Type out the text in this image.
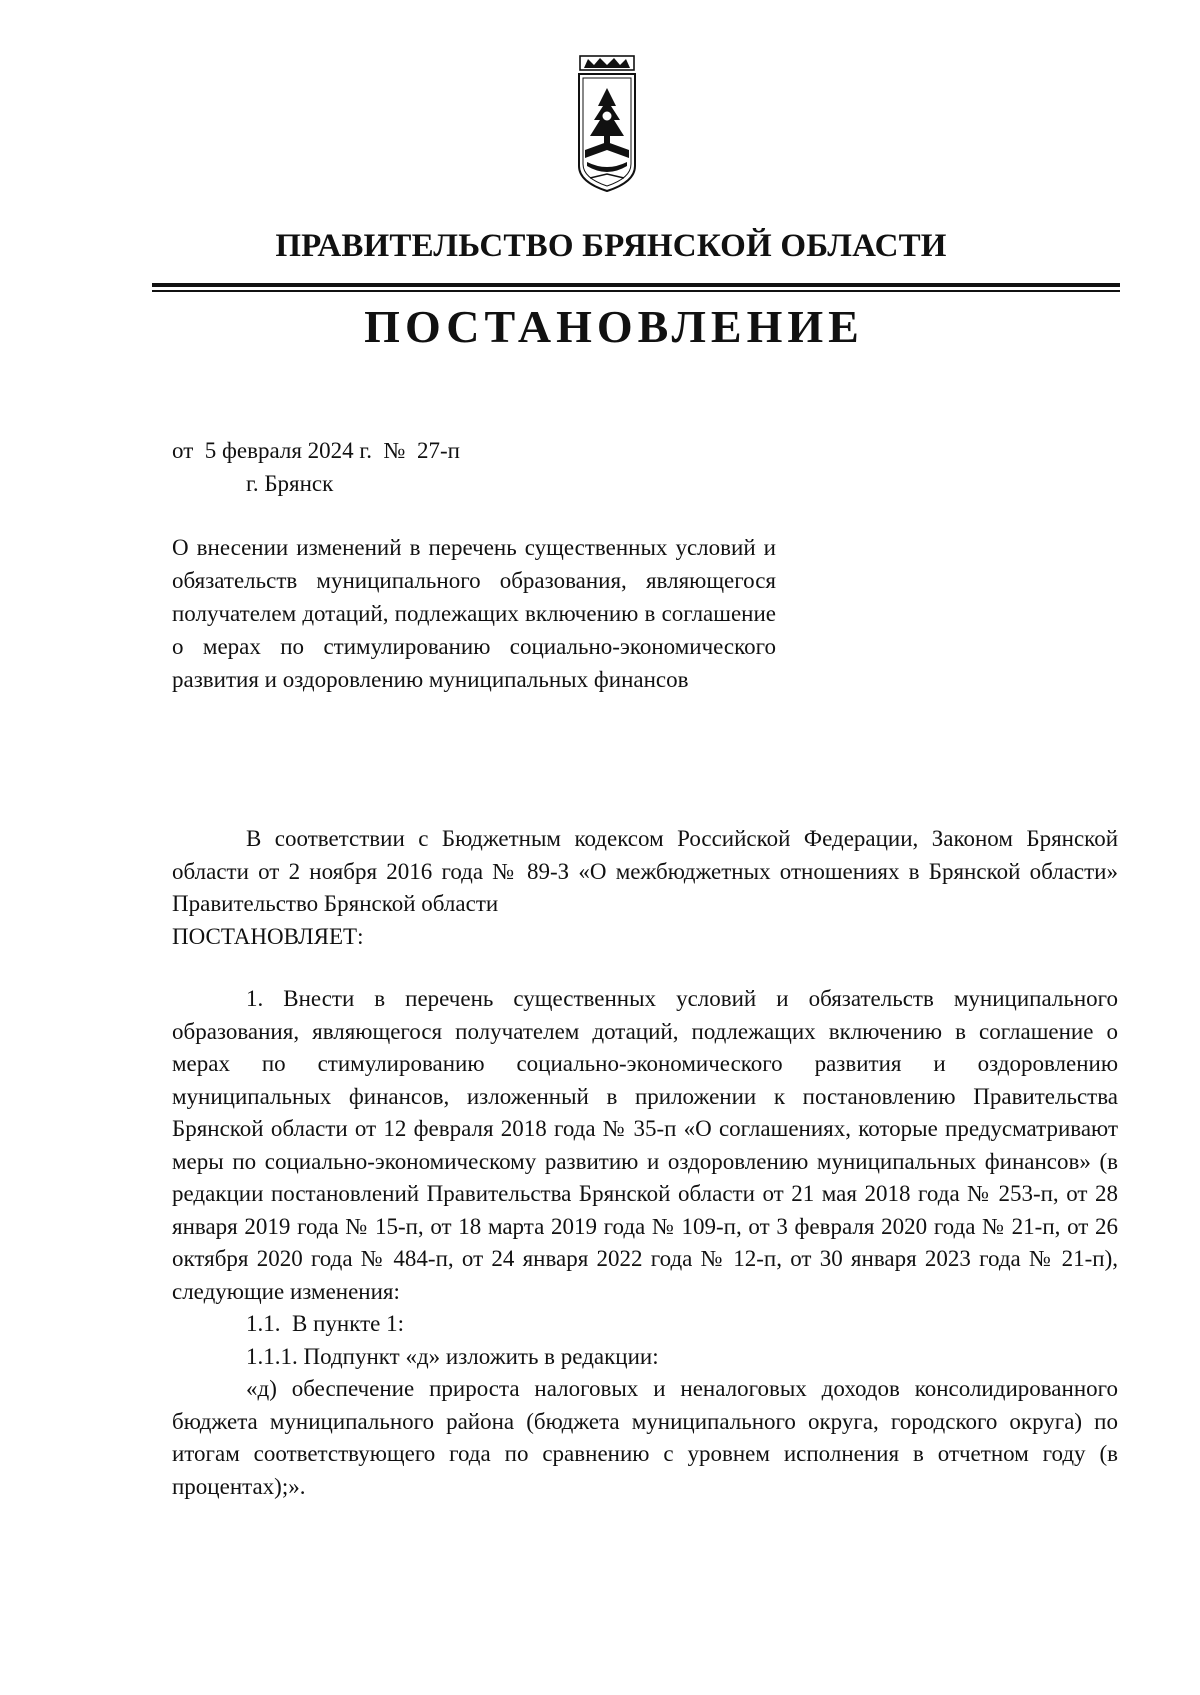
ПРАВИТЕЛЬСТВО БРЯНСКОЙ ОБЛАСТИ
ПОСТАНОВЛЕНИЕ
от  5 февраля 2024 г.  №  27-п
г. Брянск
О внесении изменений в перечень существенных условий и обязательств муниципального образования, являющегося получателем дотаций, подлежащих включению в соглашение о мерах по стимулированию социально-экономического развития и оздоровлению муниципальных финансов

В соответствии с Бюджетным кодексом Российской Федерации, Законом Брянской области от 2 ноября 2016 года № 89-З «О межбюджетных отношениях в Брянской области» Правительство Брянской области

ПОСТАНОВЛЯЕТ:

1. Внести в перечень существенных условий и обязательств муниципального образования, являющегося получателем дотаций, подлежащих включению в соглашение о мерах по стимулированию социально-экономического развития и оздоровлению муниципальных финансов, изложенный в приложении к постановлению Правительства Брянской области от 12 февраля 2018 года № 35-п «О соглашениях, которые предусматривают меры по социально-экономическому развитию и оздоровлению муниципальных финансов» (в редакции постановлений Правительства Брянской области от 21 мая 2018 года № 253-п, от 28 января 2019 года № 15-п, от 18 марта 2019 года № 109-п, от 3 февраля 2020 года № 21-п, от 26 октября 2020 года № 484-п, от 24 января 2022 года № 12-п, от 30 января 2023 года № 21-п), следующие изменения:

1.1.  В пункте 1:

1.1.1. Подпункт «д» изложить в редакции:

«д) обеспечение прироста налоговых и неналоговых доходов консолидированного бюджета муниципального района (бюджета муниципального округа, городского округа) по итогам соответствующего года по сравнению с уровнем исполнения в отчетном году (в процентах);».
